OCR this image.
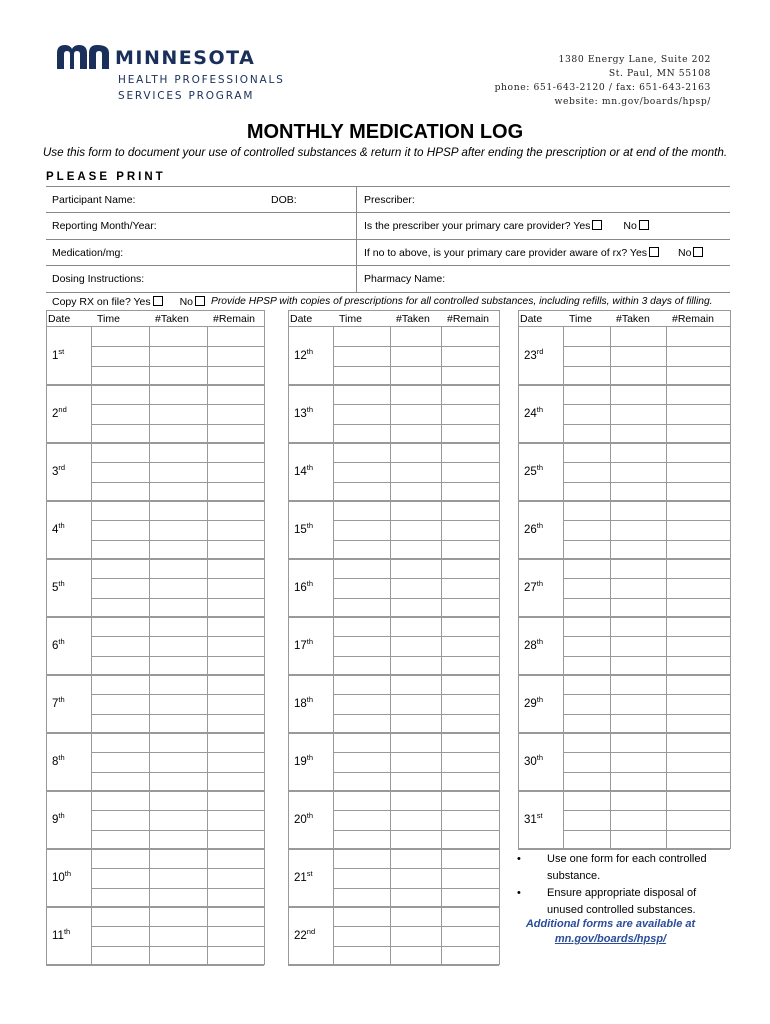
MINNESOTA
HEALTH PROFESSIONALS
SERVICES PROGRAM
1380 Energy Lane, Suite 202
St. Paul, MN 55108
phone: 651-643-2120 / fax: 651-643-2163
website: mn.gov/boards/hpsp/
MONTHLY MEDICATION LOG
Use this form to document your use of controlled substances & return it to HPSP after ending the prescription or at end of the month.
PLEASE PRINT
Participant Name:	DOB:	Prescriber:
Reporting Month/Year:	Is the prescriber your primary care provider? Yes	No
Medication/mg:	If no to above, is your primary care provider aware of rx? Yes	No
Dosing Instructions:	Pharmacy Name:
Copy RX on file? Yes	No	Provide HPSP with copies of prescriptions for all controlled substances, including refills, within 3 days of filling.
Date	Time	#Taken #Remain
1st
2nd
3rd
4th
5th
6th
7th
8th
9th
10th
11th
Date	Time	#Taken #Remain
12th
13th
14th
15th
16th
17th
18th
19th
20th
21st
22nd
Date	Time #Taken #Remain
23rd
24th
25th
26th
27th
28th
29th
30th
31st
• Use one form for each controlled substance.
• Ensure appropriate disposal of unused controlled substances.
Additional forms are available at
mn.gov/boards/hpsp/
